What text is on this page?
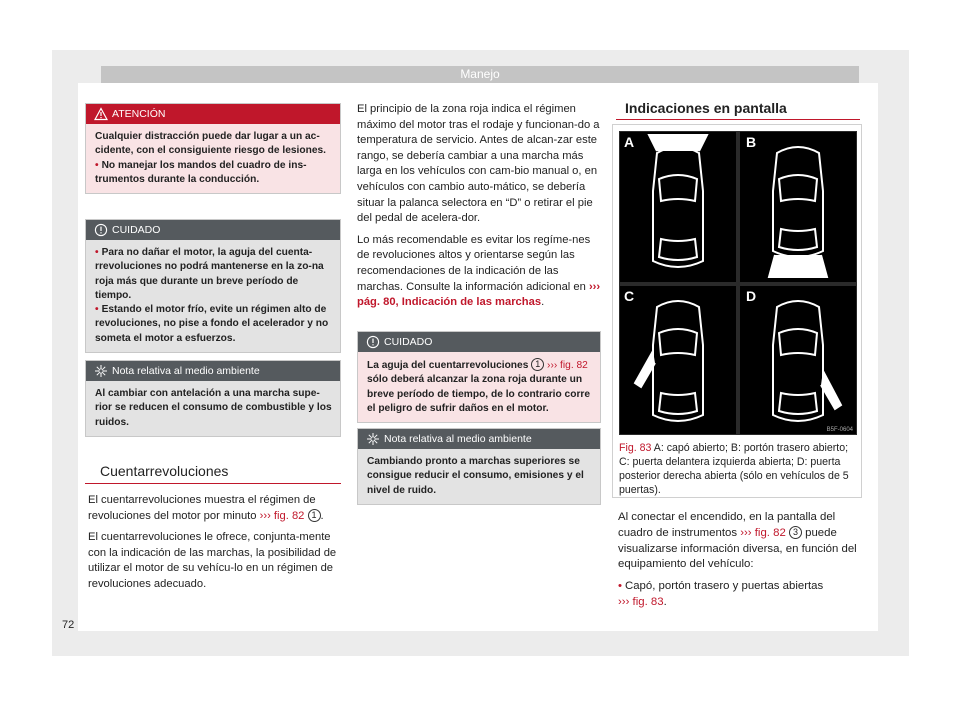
Manejo
ATENCIÓN
Cualquier distracción puede dar lugar a un ac-cidente, con el consiguiente riesgo de lesiones.
• No manejar los mandos del cuadro de ins-trumentos durante la conducción.
CUIDADO
• Para no dañar el motor, la aguja del cuenta-rrevoluciones no podrá mantenerse en la zo-na roja más que durante un breve período de tiempo.
• Estando el motor frío, evite un régimen alto de revoluciones, no pise a fondo el acelerador y no someta el motor a esfuerzos.
Nota relativa al medio ambiente
Al cambiar con antelación a una marcha supe-rior se reducen el consumo de combustible y los ruidos.
Cuentarrevoluciones

El cuentarrevoluciones muestra el régimen de revoluciones del motor por minuto ››› fig. 82 1 .

El cuentarrevoluciones le ofrece, conjunta-mente con la indicación de las marchas, la posibilidad de utilizar el motor de su vehícu-lo en un régimen de revoluciones adecuado.

El principio de la zona roja indica el régimen máximo del motor tras el rodaje y funcionan-do a temperatura de servicio. Antes de alcan-zar este rango, se debería cambiar a una marcha más larga en los vehículos con cam-bio manual o, en vehículos con cambio auto-mático, se debería situar la palanca selectora en “D” o retirar el pie del pedal de acelera-dor.

Lo más recomendable es evitar los regíme-nes de revoluciones altos y orientarse según las recomendaciones de la indicación de las marchas. Consulte la información adicional en ››› pág. 80, Indicación de las marchas.

CUIDADO
La aguja del cuentarrevoluciones 1 ››› fig. 82 sólo deberá alcanzar la zona roja durante un breve período de tiempo, de lo contrario corre el peligro de sufrir daños en el motor.
Nota relativa al medio ambiente
Cambiando pronto a marchas superiores se consigue reducir el consumo, emisiones y el nivel de ruido.
Indicaciones en pantalla
A	B
C	D
B5F-0604
Fig. 83 A: capó abierto; B: portón trasero abierto; C: puerta delantera izquierda abierta; D: puerta posterior derecha abierta (sólo en vehículos de 5 puertas).

Al conectar el encendido, en la pantalla del cuadro de instrumentos ››› fig. 82 3 puede visualizarse información diversa, en función del equipamiento del vehículo:

• Capó, portón trasero y puertas abiertas
››› fig. 83.

72
